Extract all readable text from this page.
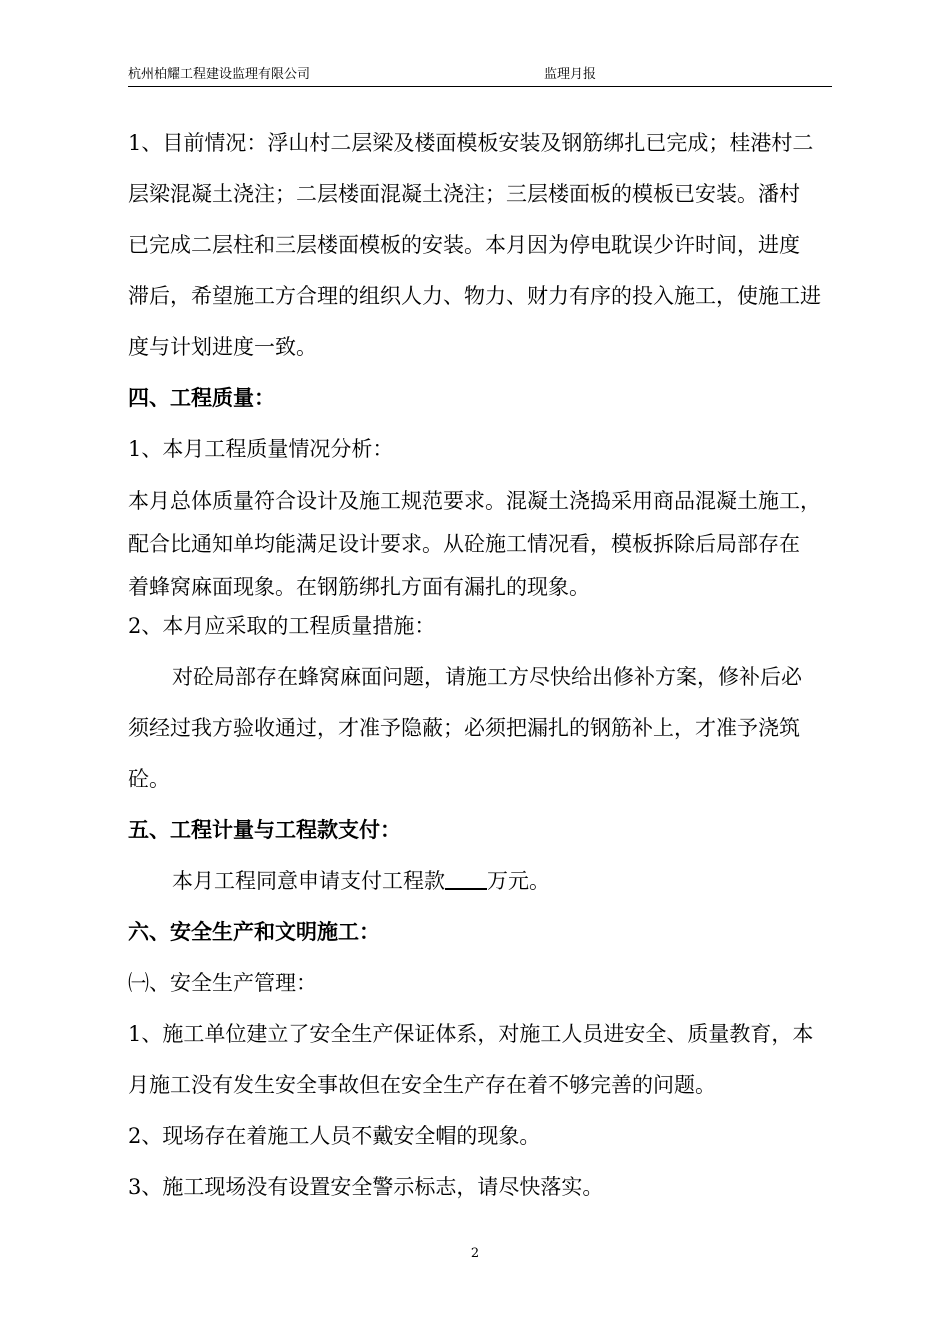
杭州柏耀工程建设监理有限公司	监理月报
1、目前情况：浮山村二层梁及楼面模板安装及钢筋绑扎已完成；桂港村二
层梁混凝土浇注；二层楼面混凝土浇注；三层楼面板的模板已安装。潘村
已完成二层柱和三层楼面模板的安装。本月因为停电耽误少许时间，进度
滞后，希望施工方合理的组织人力、物力、财力有序的投入施工，使施工进
度与计划进度一致。
四、工程质量：
1、本月工程质量情况分析：
本月总体质量符合设计及施工规范要求。混凝土浇捣采用商品混凝土施工，
配合比通知单均能满足设计要求。从砼施工情况看，模板拆除后局部存在
着蜂窝麻面现象。在钢筋绑扎方面有漏扎的现象。
2、本月应采取的工程质量措施：
对砼局部存在蜂窝麻面问题，请施工方尽快给出修补方案，修补后必
须经过我方验收通过，才准予隐蔽；必须把漏扎的钢筋补上，才准予浇筑
砼。
五、工程计量与工程款支付：
本月工程同意申请支付工程款 万元。
六、安全生产和文明施工：
㈠、安全生产管理：
1、施工单位建立了安全生产保证体系，对施工人员进安全、质量教育，本
月施工没有发生安全事故但在安全生产存在着不够完善的问题。
2、现场存在着施工人员不戴安全帽的现象。
3、施工现场没有设置安全警示标志，请尽快落实。
2
